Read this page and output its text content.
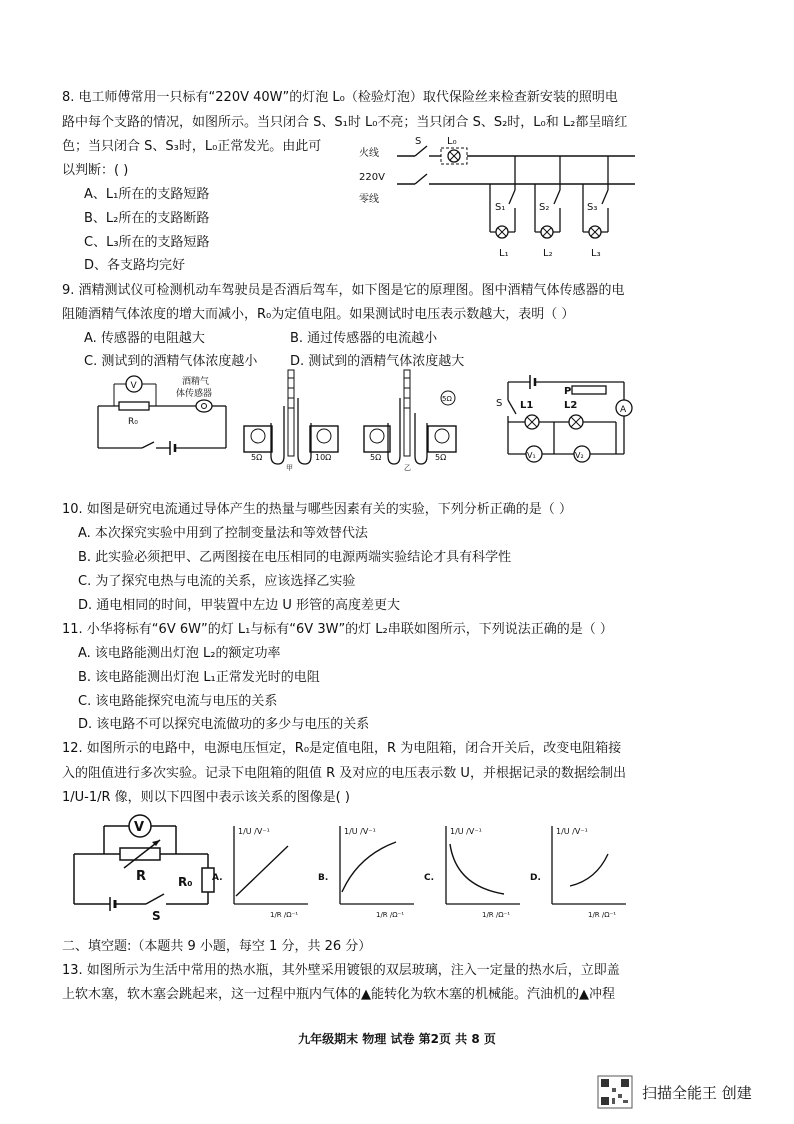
8. 电工师傅常用一只标有“220V 40W”的灯泡 L₀（检验灯泡）取代保险丝来检查新安装的照明电
路中每个支路的情况，如图所示。当只闭合 S、S₁时 L₀不亮；当只闭合 S、S₂时，L₀和 L₂都呈暗红
色；当只闭合 S、S₃时，L₀正常发光。由此可
以判断：( )
A、L₁所在的支路短路
B、L₂所在的支路断路
C、L₃所在的支路短路
D、各支路均完好
火线
220V
零线
S	L₀
S₁
L₁
S₂
L₂
S₃
L₃
9. 酒精测试仪可检测机动车驾驶员是否酒后驾车，如下图是它的原理图。图中酒精气体传感器的电
阻随酒精气体浓度的增大而减小，R₀为定值电阻。如果测试时电压表示数越大，表明（ ）
A. 传感器的电阻越大	B. 通过传感器的电流越小
C. 测试到的酒精气体浓度越小	D. 测试到的酒精气体浓度越大
V
R₀
酒精气
体传感器
5Ω	10Ω
甲
5Ω	5Ω
5Ω
乙
P
S L1	L2	A
V₁	V₂
10. 如图是研究电流通过导体产生的热量与哪些因素有关的实验，下列分析正确的是（ ）
A. 本次探究实验中用到了控制变量法和等效替代法
B. 此实验必须把甲、乙两图接在电压相同的电源两端实验结论才具有科学性
C. 为了探究电热与电流的关系，应该选择乙实验
D. 通电相同的时间，甲装置中左边 U 形管的高度差更大
11. 小华将标有“6V 6W”的灯 L₁与标有“6V 3W”的灯 L₂串联如图所示，下列说法正确的是（ ）
A. 该电路能测出灯泡 L₂的额定功率
B. 该电路能测出灯泡 L₁正常发光时的电阻
C. 该电路能探究电流与电压的关系
D. 该电路不可以探究电流做功的多少与电压的关系
12. 如图所示的电路中，电源电压恒定，R₀是定值电阻，R 为电阻箱，闭合开关后，改变电阻箱接
入的阻值进行多次实验。记录下电阻箱的阻值 R 及对应的电压表示数 U，并根据记录的数据绘制出
1/U-1/R 像，则以下四图中表示该关系的图像是( )
V
R	R₀
S
A.
1/U /V⁻¹
1/R /Ω⁻¹
B.
1/U /V⁻¹
1/R /Ω⁻¹
C.
1/U /V⁻¹
1/R /Ω⁻¹
D.
1/U /V⁻¹
1/R /Ω⁻¹
二、填空题:（本题共 9 小题，每空 1 分，共 26 分）
13. 如图所示为生活中常用的热水瓶，其外壁采用镀银的双层玻璃，注入一定量的热水后，立即盖
上软木塞，软木塞会跳起来，这一过程中瓶内气体的▲能转化为软木塞的机械能。汽油机的▲冲程
九年级期末 物理 试卷 第2页 共 8 页
扫描全能王 创建
